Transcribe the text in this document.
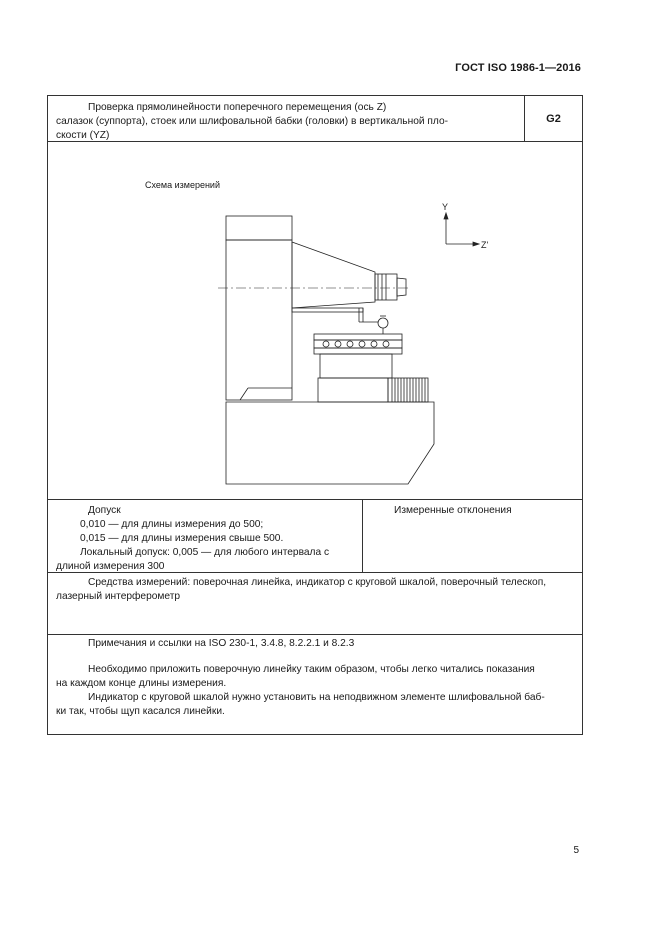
ГОСТ ISO 1986-1—2016
Проверка прямолинейности поперечного перемещения (ось Z)
салазок (суппорта), стоек или шлифовальной бабки (головки) в вертикальной пло-
скости (YZ)
G2
Схема измерений
Y
Z'
Допуск
0,010 — для длины измерения до 500;
0,015 — для длины измерения свыше 500.
Локальный допуск: 0,005 — для любого интервала с
длиной измерения 300
Измеренные отклонения
Средства измерений: поверочная линейка, индикатор с круговой шкалой, поверочный телескоп,
лазерный интерферометр
Примечания и ссылки на ISO 230-1, 3.4.8, 8.2.2.1 и 8.2.3
Необходимо приложить поверочную линейку таким образом, чтобы легко читались показания
на каждом конце длины измерения.
Индикатор с круговой шкалой нужно установить на неподвижном элементе шлифовальной баб-
ки так, чтобы щуп касался линейки.
5
